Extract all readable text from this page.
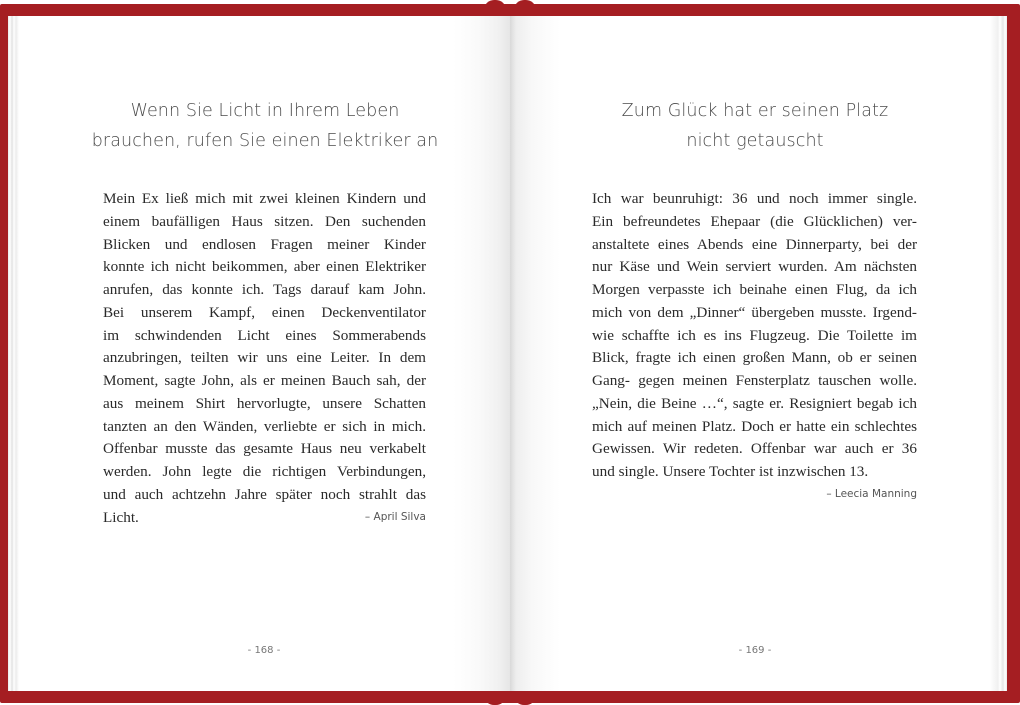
Wenn Sie Licht in Ihrem Leben
brauchen, rufen Sie einen Elektriker an
Mein Ex ließ mich mit zwei kleinen Kindern und
einem baufälligen Haus sitzen. Den suchenden
Blicken und endlosen Fragen meiner Kinder
konnte ich nicht beikommen, aber einen Elektriker
anrufen, das konnte ich. Tags darauf kam John.
Bei unserem Kampf, einen Deckenventilator
im schwindenden Licht eines Sommerabends
anzubringen, teilten wir uns eine Leiter. In dem
Moment, sagte John, als er meinen Bauch sah, der
aus meinem Shirt hervorlugte, unsere Schatten
tanzten an den Wänden, verliebte er sich in mich.
Offenbar musste das gesamte Haus neu verkabelt
werden. John legte die richtigen Verbindungen,
und auch achtzehn Jahre später noch strahlt das
Licht.	– April Silva
- 168 -
Zum Glück hat er seinen Platz
nicht getauscht
Ich war beunruhigt: 36 und noch immer single.
Ein befreundetes Ehepaar (die Glücklichen) ver-
anstaltete eines Abends eine Dinnerparty, bei der
nur Käse und Wein serviert wurden. Am nächsten
Morgen verpasste ich beinahe einen Flug, da ich
mich von dem „Dinner“ übergeben musste. Irgend-
wie schaffte ich es ins Flugzeug. Die Toilette im
Blick, fragte ich einen großen Mann, ob er seinen
Gang- gegen meinen Fensterplatz tauschen wolle.
„Nein, die Beine …“, sagte er. Resigniert begab ich
mich auf meinen Platz. Doch er hatte ein schlechtes
Gewissen. Wir redeten. Offenbar war auch er 36
und single. Unsere Tochter ist inzwischen 13.
– Leecia Manning
- 169 -
